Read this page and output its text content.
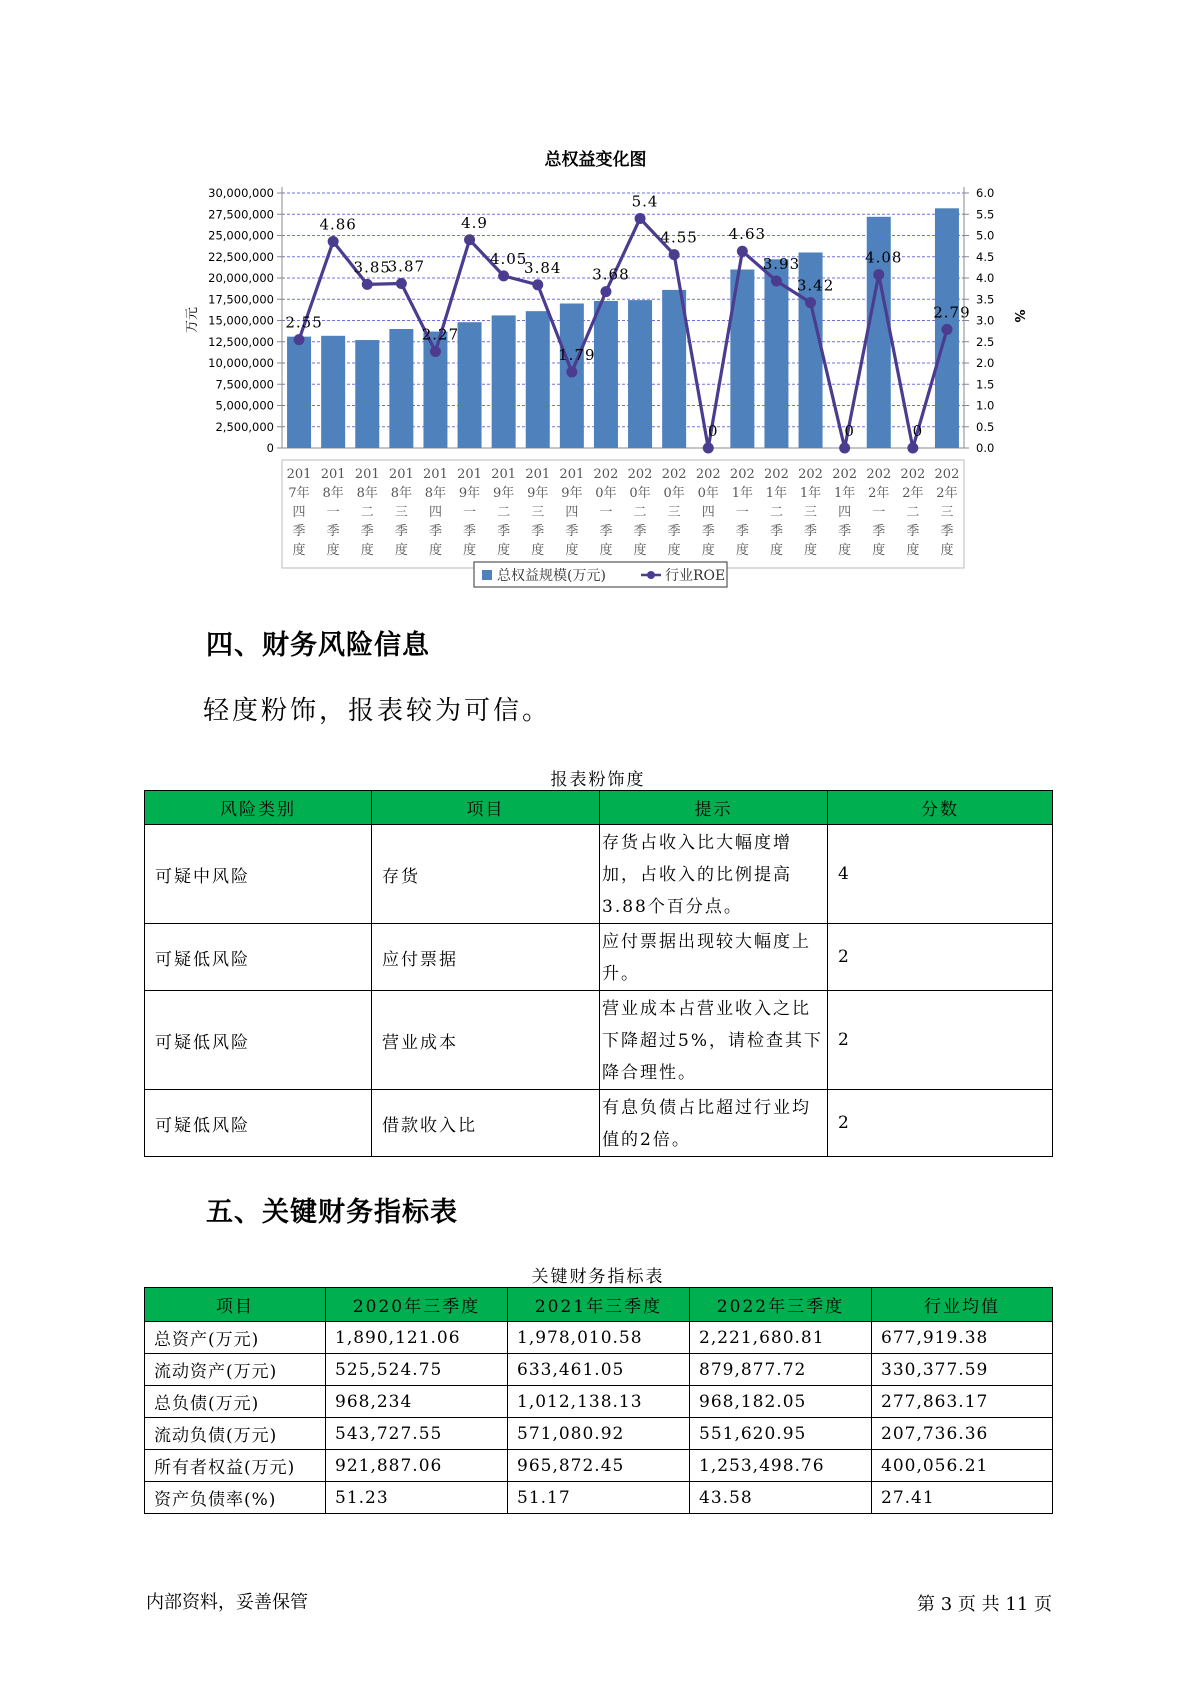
总权益变化图
0
2,500,000
5,000,000
7,500,000
10,000,000
12,500,000
15,000,000
17,500,000
20,000,000
22,500,000
25,000,000
27,500,000
30,000,000
0.0
0.5
1.0
1.5
2.0
2.5
3.0
3.5
4.0
4.5
5.0
5.5
6.0
万元	%
201
7年
四
季
度
201
8年
一
季
度
201
8年
二
季
度
201
8年
三
季
度
201
8年
四
季
度
201
9年
一
季
度
201
9年
二
季
度
201
9年
三
季
度
201
9年
四
季
度
202
0年
一
季
度
202
0年
二
季
度
202
0年
三
季
度
202
0年
四
季
度
202
1年
一
季
度
202
1年
二
季
度
202
1年
三
季
度
202
1年
四
季
度
202
2年
一
季
度
202
2年
二
季
度
202
2年
三
季
度
2.55
4.86
3.85
3.87
2.27
4.9
4.05
3.84
1.79
3.68
5.4
4.55
0
4.63
3.93
3.42
0
4.08
0
2.79
总权益规模(万元)	行业ROE
四、财务风险信息
轻度粉饰，报表较为可信。
报表粉饰度
风险类别	项目	提示	分数
可疑中风险	存货	存货占收入比大幅度增加，占收入的比例提高3.88个百分点。	4
可疑低风险	应付票据	应付票据出现较大幅度上升。	2
可疑低风险	营业成本	营业成本占营业收入之比下降超过5%，请检查其下降合理性。	2
可疑低风险	借款收入比	有息负债占比超过行业均值的2倍。	2
五、关键财务指标表
关键财务指标表
项目	2020年三季度	2021年三季度	2022年三季度	行业均值
总资产(万元)	1,890,121.06	1,978,010.58	2,221,680.81	677,919.38
流动资产(万元)	525,524.75	633,461.05	879,877.72	330,377.59
总负债(万元)	968,234	1,012,138.13	968,182.05	277,863.17
流动负债(万元)	543,727.55	571,080.92	551,620.95	207,736.36
所有者权益(万元)	921,887.06	965,872.45	1,253,498.76	400,056.21
资产负债率(%)	51.23	51.17	43.58	27.41
内部资料，妥善保管	第 3 页 共 11 页
